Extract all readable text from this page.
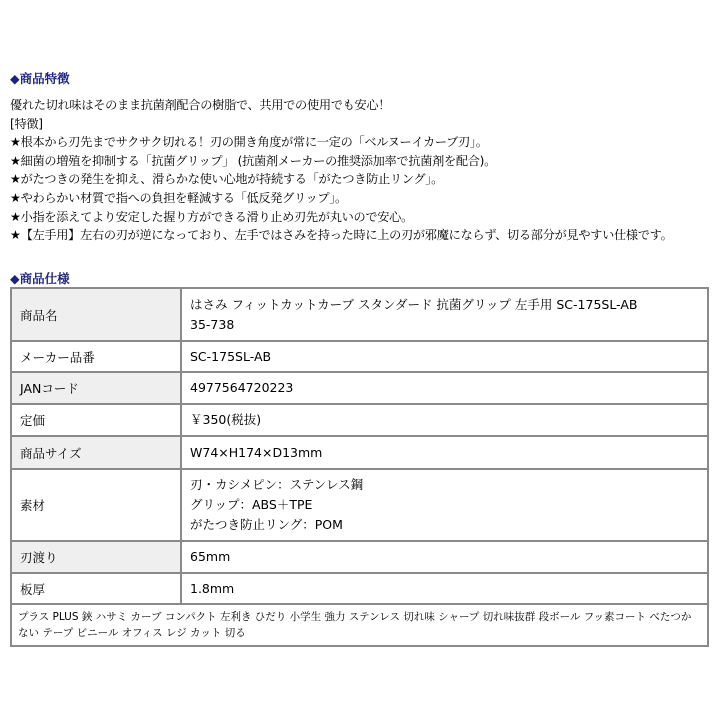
◆商品特徴
優れた切れ味はそのまま抗菌剤配合の樹脂で、共用での使用でも安心！
[特徴]
★根本から刃先までサクサク切れる！刃の開き角度が常に一定の「ベルヌーイカーブ刃」。
★細菌の増殖を抑制する「抗菌グリップ」 (抗菌剤メーカーの推奨添加率で抗菌剤を配合)。
★がたつきの発生を抑え、滑らかな使い心地が持続する「がたつき防止リング」。
★やわらかい材質で指への負担を軽減する「低反発グリップ」。
★小指を添えてより安定した握り方ができる滑り止め刃先が丸いので安心。
★【左手用】左右の刃が逆になっており、左手ではさみを持った時に上の刃が邪魔にならず、切る部分が見やすい仕様です。
◆商品仕様
商品名	はさみ フィットカットカーブ スタンダード 抗菌グリップ 左手用 SC-175SL-AB
35-738

メーカー品番	SC-175SL-AB
JANコード	4977564720223
定価	￥350(税抜)
商品サイズ	W74×H174×D13mm
素材	刃・カシメピン：ステンレス鋼
グリップ：ABS＋TPE
がたつき防止リング：POM

刃渡り	65mm
板厚	1.8mm
プラス PLUS 鋏 ハサミ カーブ コンパクト 左利き ひだり 小学生 強力 ステンレス 切れ味 シャープ 切れ味抜群 段ボール フッ素コート べたつかない テープ ビニール オフィス レジ カット 切る	
